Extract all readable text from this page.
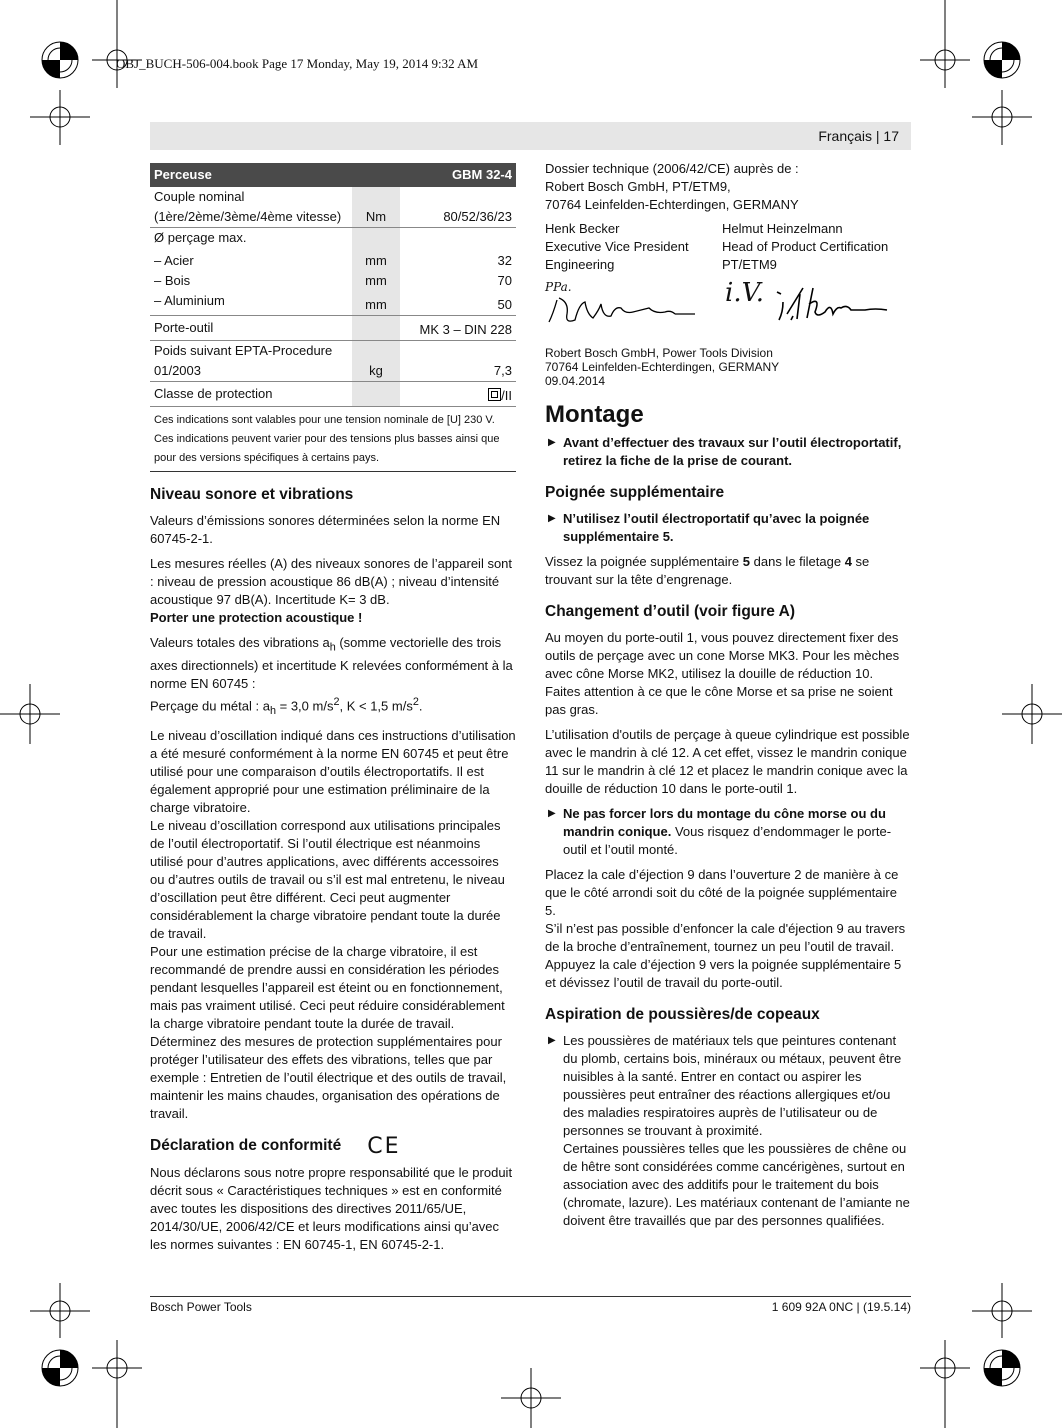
OBJ_BUCH-506-004.book Page 17 Monday, May 19, 2014 9:32 AM
Français | 17
Perceuse		GBM 32-4
Couple nominal		
(1ère/2ème/3ème/4ème vitesse)	Nm	80/52/36/23
Ø perçage max.		
– Acier	mm	32
– Bois	mm	70
– Aluminium	mm	50
Porte-outil		MK 3 – DIN 228
Poids suivant EPTA-Procedure		
01/2003	kg	7,3
Classe de protection		/II

Ces indications sont valables pour une tension nominale de [U] 230 V.
Ces indications peuvent varier pour des tensions plus basses ainsi que
pour des versions spécifiques à certains pays.		
Niveau sonore et vibrations

Valeurs d’émissions sonores déterminées selon la norme EN 60745-2-1.

Les mesures réelles (A) des niveaux sonores de l’appareil sont : niveau de pression acoustique 86 dB(A) ; niveau d’intensité acoustique 97 dB(A). Incertitude K= 3 dB.

Porter une protection acoustique !

Valeurs totales des vibrations $a_h$ (somme vectorielle des trois axes directionnels) et incertitude K relevées conformément à la norme EN 60745 :

Perçage du métal : $a_h = 3,0$ $m/s^2$, K < 1,5 $m/s^2$.

Le niveau d’oscillation indiqué dans ces instructions d’utilisation a été mesuré conformément à la norme EN 60745 et peut être utilisé pour une comparaison d’outils électroportatifs. Il est également approprié pour une estimation préliminaire de la charge vibratoire.

Le niveau d’oscillation correspond aux utilisations principales de l’outil électroportatif. Si l’outil électrique est néanmoins utilisé pour d’autres applications, avec différents accessoires ou d’autres outils de travail ou s’il est mal entretenu, le niveau d’oscillation peut être différent. Ceci peut augmenter considérablement la charge vibratoire pendant toute la durée de travail.

Pour une estimation précise de la charge vibratoire, il est recommandé de prendre aussi en considération les périodes pendant lesquelles l’appareil est éteint ou en fonctionnement, mais pas vraiment utilisé. Ceci peut réduire considérablement la charge vibratoire pendant toute la durée de travail.

Déterminez des mesures de protection supplémentaires pour protéger l’utilisateur des effets des vibrations, telles que par exemple : Entretien de l’outil électrique et des outils de travail, maintenir les mains chaudes, organisation des opérations de travail.

Déclaration de conformité CE

Nous déclarons sous notre propre responsabilité que le produit décrit sous « Caractéristiques techniques » est en conformité avec toutes les dispositions des directives 2011/65/UE, 2014/30/UE, 2006/42/CE et leurs modifications ainsi qu’avec les normes suivantes : EN 60745-1, EN 60745-2-1.

Dossier technique (2006/42/CE) auprès de :
Robert Bosch GmbH, PT/ETM9,
70764 Leinfelden-Echterdingen, GERMANY
Henk Becker
Executive Vice President
Engineering
Helmut Heinzelmann
Head of Product Certification
PT/ETM9
PPa.	i.V.
Robert Bosch GmbH, Power Tools Division
70764 Leinfelden-Echterdingen, GERMANY
09.04.2014
Montage
▶ Avant d’effectuer des travaux sur l’outil électroportatif, retirez la fiche de la prise de courant.
Poignée supplémentaire
▶ N’utilisez l’outil électroportatif qu’avec la poignée supplémentaire 5.

Vissez la poignée supplémentaire 5 dans le filetage 4 se trouvant sur la tête d’engrenage.

Changement d’outil (voir figure A)

Au moyen du porte-outil 1, vous pouvez directement fixer des outils de perçage avec un cone Morse MK3. Pour les mèches avec cône Morse MK2, utilisez la douille de réduction 10. Faites attention à ce que le cône Morse et sa prise ne soient pas gras.

L’utilisation d'outils de perçage à queue cylindrique est possible avec le mandrin à clé 12. A cet effet, vissez le mandrin conique 11 sur le mandrin à clé 12 et placez le mandrin conique avec la douille de réduction 10 dans le porte-outil 1.

▶ Ne pas forcer lors du montage du cône morse ou du mandrin conique. Vous risquez d’endommager le porte-outil et l’outil monté.

Placez la cale d’éjection 9 dans l’ouverture 2 de manière à ce que le côté arrondi soit du côté de la poignée supplémentaire 5.

S’il n’est pas possible d’enfoncer la cale d'éjection 9 au travers de la broche d’entraînement, tournez un peu l’outil de travail.

Appuyez la cale d’éjection 9 vers la poignée supplémentaire 5 et dévissez l’outil de travail du porte-outil.

Aspiration de poussières/de copeaux
▶ Les poussières de matériaux tels que peintures contenant du plomb, certains bois, minéraux ou métaux, peuvent être nuisibles à la santé. Entrer en contact ou aspirer les poussières peut entraîner des réactions allergiques et/ou des maladies respiratoires auprès de l’utilisateur ou de personnes se trouvant à proximité.
Certaines poussières telles que les poussières de chêne ou de hêtre sont considérées comme cancérigènes, surtout en association avec des additifs pour le traitement du bois (chromate, lazure). Les matériaux contenant de l’amiante ne doivent être travaillés que par des personnes qualifiées.
Bosch Power Tools	1 609 92A 0NC | (19.5.14)
